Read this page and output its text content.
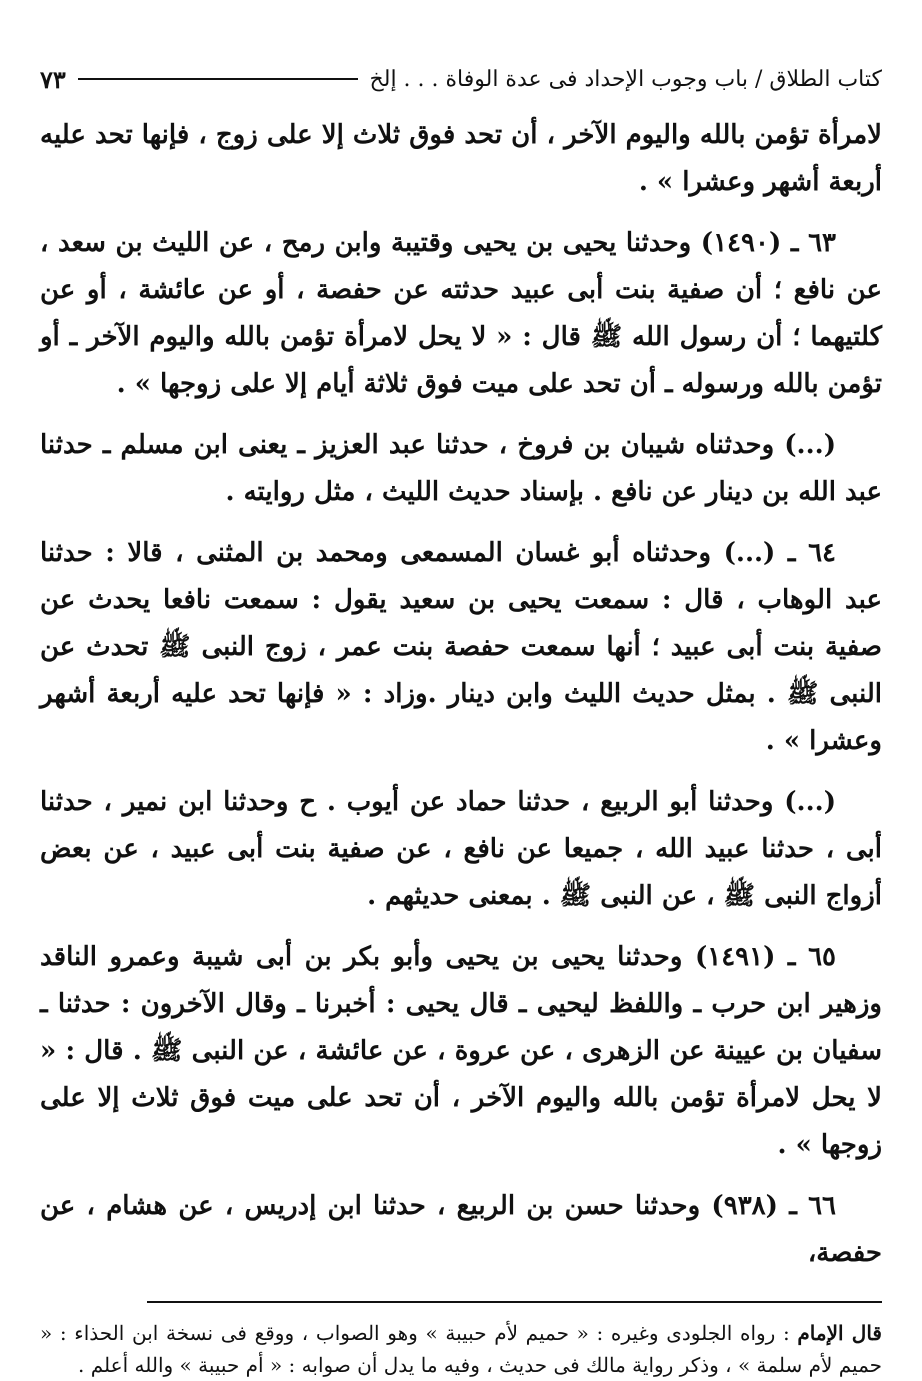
كتاب الطلاق / باب وجوب الإحداد فى عدة الوفاة . . . إلخ
٧٣

لامرأة تؤمن بالله واليوم الآخر ، أن تحد فوق ثلاث إلا على زوج ، فإنها تحد عليه أربعة أشهر وعشرا » .

٦٣ ـ (١٤٩٠) وحدثنا يحيى بن يحيى وقتيبة وابن رمح ، عن الليث بن سعد ، عن نافع ؛ أن صفية بنت أبى عبيد حدثته عن حفصة ، أو عن عائشة ، أو عن كلتيهما ؛ أن رسول الله ﷺ قال : « لا يحل لامرأة تؤمن بالله واليوم الآخر ـ أو تؤمن بالله ورسوله ـ أن تحد على ميت فوق ثلاثة أيام إلا على زوجها » .

(...) وحدثناه شيبان بن فروخ ، حدثنا عبد العزيز ـ يعنى ابن مسلم ـ حدثنا عبد الله بن دينار عن نافع . بإسناد حديث الليث ، مثل روايته .

٦٤ ـ (...) وحدثناه أبو غسان المسمعى ومحمد بن المثنى ، قالا : حدثنا عبد الوهاب ، قال : سمعت يحيى بن سعيد يقول : سمعت نافعا يحدث عن صفية بنت أبى عبيد ؛ أنها سمعت حفصة بنت عمر ، زوج النبى ﷺ تحدث عن النبى ﷺ . بمثل حديث الليث وابن دينار .وزاد : « فإنها تحد عليه أربعة أشهر وعشرا » .

(...) وحدثنا أبو الربيع ، حدثنا حماد عن أيوب . ح وحدثنا ابن نمير ، حدثنا أبى ، حدثنا عبيد الله ، جميعا عن نافع ، عن صفية بنت أبى عبيد ، عن بعض أزواج النبى ﷺ ، عن النبى ﷺ . بمعنى حديثهم .

٦٥ ـ (١٤٩١) وحدثنا يحيى بن يحيى وأبو بكر بن أبى شيبة وعمرو الناقد وزهير ابن حرب ـ واللفظ ليحيى ـ قال يحيى : أخبرنا ـ وقال الآخرون : حدثنا ـ سفيان بن عيينة عن الزهرى ، عن عروة ، عن عائشة ، عن النبى ﷺ . قال : « لا يحل لامرأة تؤمن بالله واليوم الآخر ، أن تحد على ميت فوق ثلاث إلا على زوجها » .

٦٦ ـ (٩٣٨) وحدثنا حسن بن الربيع ، حدثنا ابن إدريس ، عن هشام ، عن حفصة،

قال الإمام : رواه الجلودى وغيره : « حميم لأم حبيبة » وهو الصواب ، ووقع فى نسخة ابن الحذاء : « حميم لأم سلمة » ، وذكر رواية مالك فى حديث ، وفيه ما يدل أن صوابه : « أم حبيبة » والله أعلم .
